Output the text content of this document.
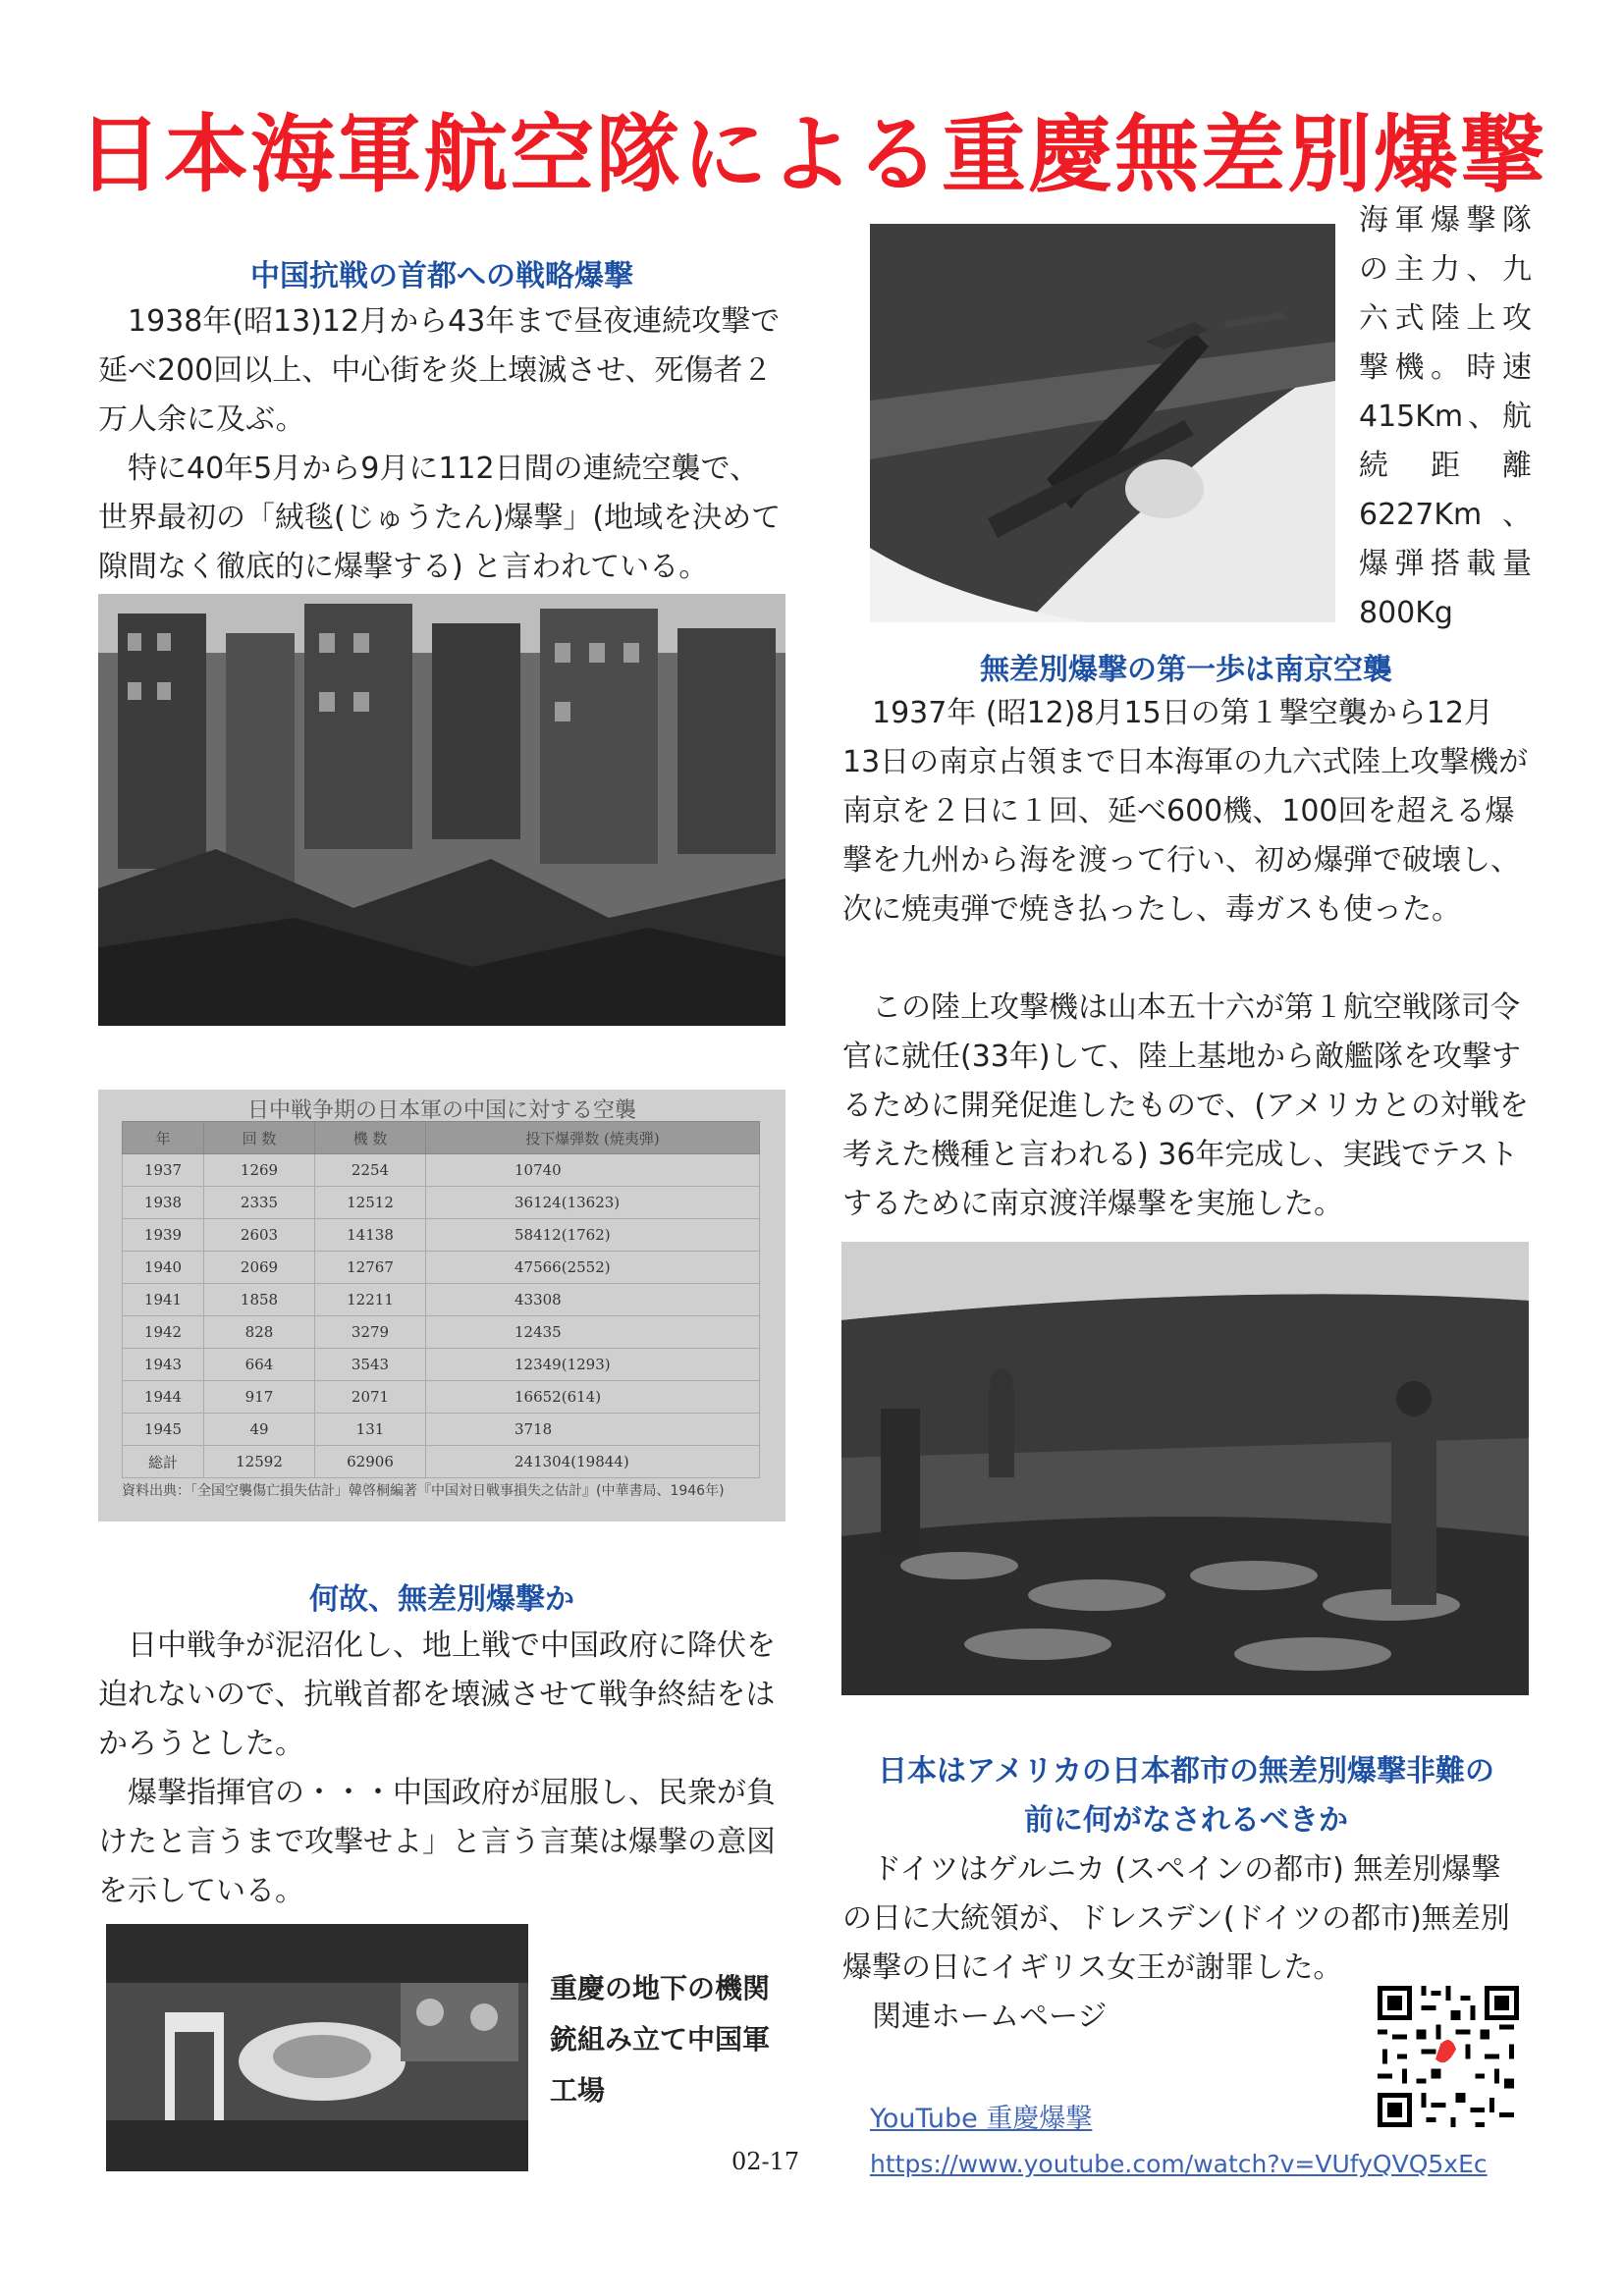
日本海軍航空隊による重慶無差別爆撃
中国抗戦の首都への戦略爆撃

1938年(昭13)12月から43年まで昼夜連続攻撃で延べ200回以上、中心街を炎上壊滅させ、死傷者２万人余に及ぶ。

特に40年5月から9月に112日間の連続空襲で、世界最初の「絨毯(じゅうたん)爆撃」(地域を決めて隙間なく徹底的に爆撃する) と言われている。

日中戦争期の日本軍の中国に対する空襲
年	回 数	機 数	投下爆弾数 (焼夷弾)
1937	1269	2254	10740
1938	2335	12512	36124(13623)
1939	2603	14138	58412(1762)
1940	2069	12767	47566(2552)
1941	1858	12211	43308
1942	828	3279	12435
1943	664	3543	12349(1293)
1944	917	2071	16652(614)
1945	49	131	3718
総計	12592	62906	241304(19844)
資料出典：「全国空襲傷亡損失估計」韓啓桐編著『中国対日戦事損失之估計』(中華書局、1946年)
何故、無差別爆撃か

日中戦争が泥沼化し、地上戦で中国政府に降伏を迫れないので、抗戦首都を壊滅させて戦争終結をはかろうとした。

爆撃指揮官の・・・中国政府が屈服し、民衆が負けたと言うまで攻撃せよ」と言う言葉は爆撃の意図を示している。

重慶の地下の機関銃組み立て中国軍工場
02-17
海軍爆撃隊の主力、九六式陸上攻撃機。時速415Km、航続距離 6227Km、爆弾搭載量 800Kg
無差別爆撃の第一歩は南京空襲

1937年 (昭12)8月15日の第１撃空襲から12月13日の南京占領まで日本海軍の九六式陸上攻撃機が南京を２日に１回、延べ600機、100回を超える爆撃を九州から海を渡って行い、初め爆弾で破壊し、次に焼夷弾で焼き払ったし、毒ガスも使った。

この陸上攻撃機は山本五十六が第１航空戦隊司令官に就任(33年)して、陸上基地から敵艦隊を攻撃するために開発促進したもので、(アメリカとの対戦を考えた機種と言われる) 36年完成し、実践でテストするために南京渡洋爆撃を実施した。

日本はアメリカの日本都市の無差別爆撃非難の
前に何がなされるべきか

ドイツはゲルニカ (スペインの都市) 無差別爆撃の日に大統領が、ドレスデン(ドイツの都市)無差別爆撃の日にイギリス女王が謝罪した。

関連ホームページ
YouTube 重慶爆撃
https://www.youtube.com/watch?v=VUfyQVQ5xEc
